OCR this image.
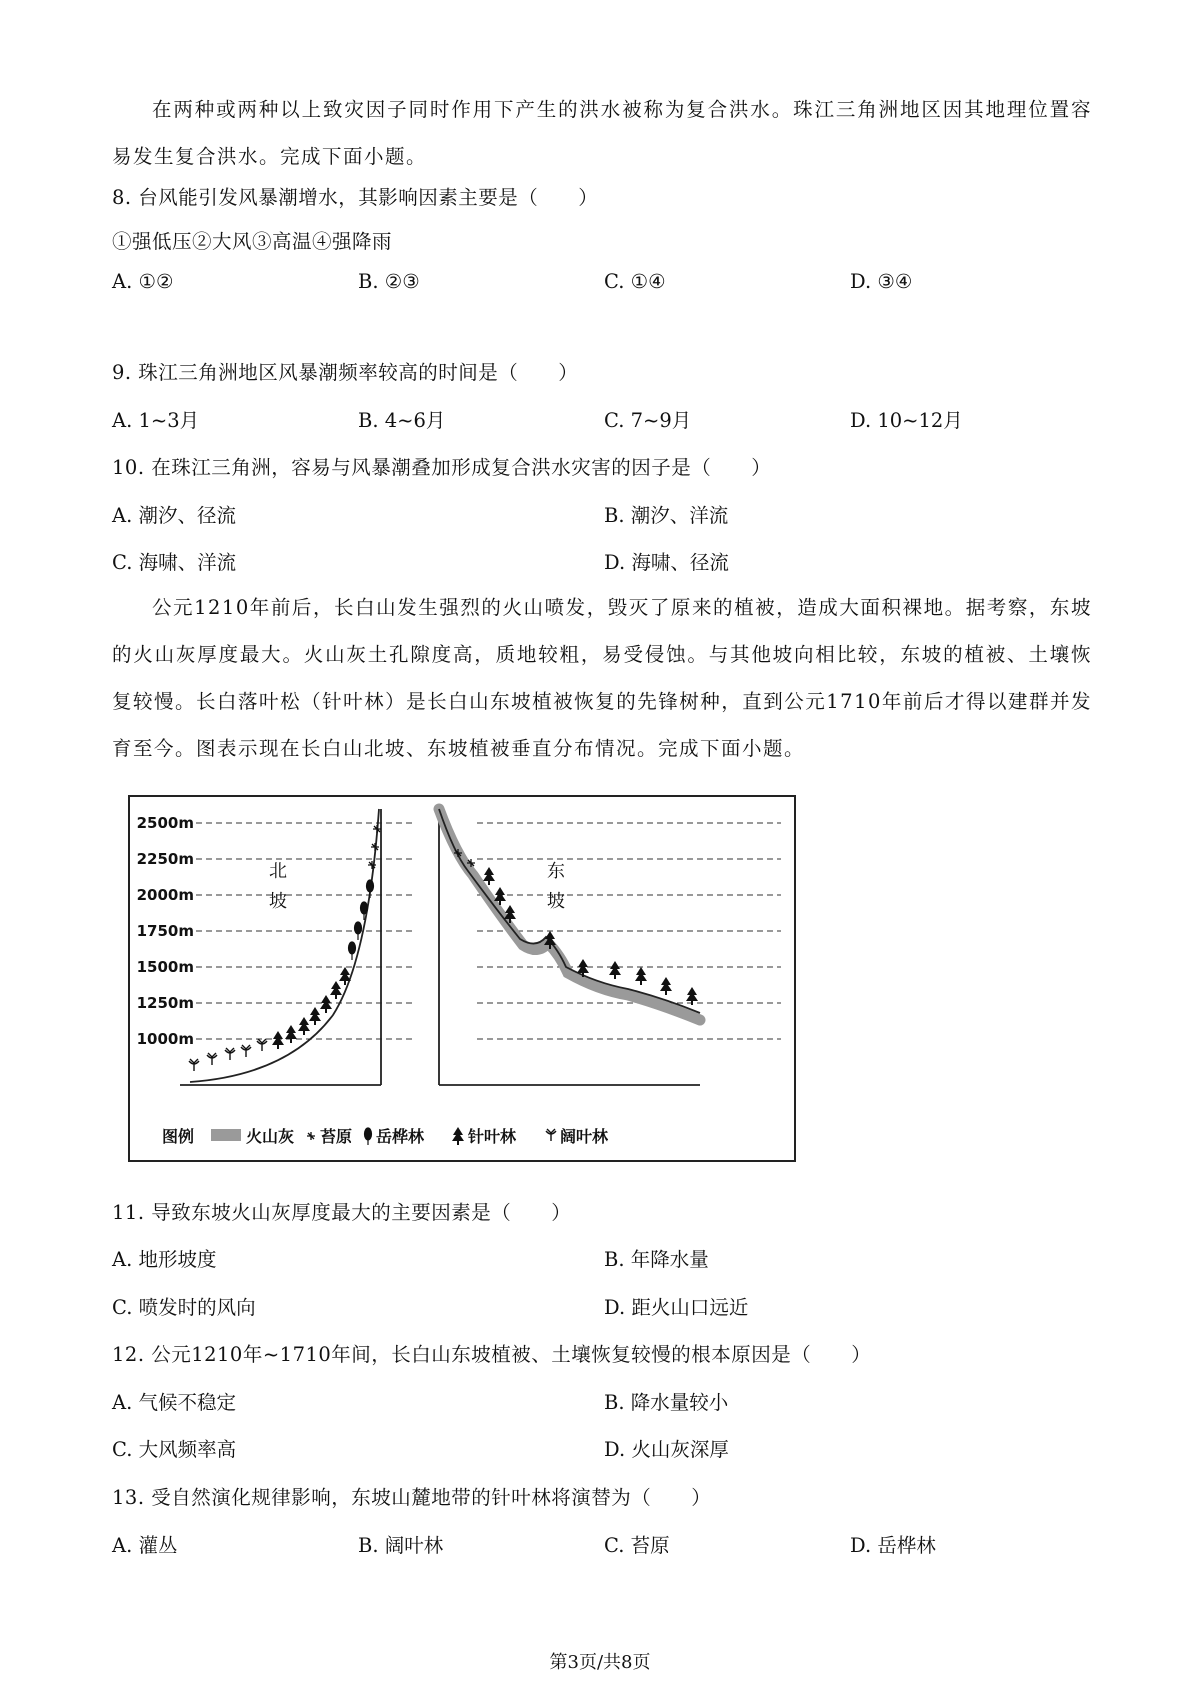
在两种或两种以上致灾因子同时作用下产生的洪水被称为复合洪水。珠江三角洲地区因其地理位置容易发生复合洪水。完成下面小题。
8. 台风能引发风暴潮增水，其影响因素主要是（　　）
①强低压②大风③高温④强降雨
A. ①②	B. ②③	C. ①④	D. ③④
9. 珠江三角洲地区风暴潮频率较高的时间是（　　）
A. 1~3月	B. 4~6月	C. 7~9月	D. 10~12月
10. 在珠江三角洲，容易与风暴潮叠加形成复合洪水灾害的因子是（　　）
A. 潮汐、径流	B. 潮汐、洋流
C. 海啸、洋流	D. 海啸、径流
公元1210年前后，长白山发生强烈的火山喷发，毁灭了原来的植被，造成大面积裸地。据考察，东坡的火山灰厚度最大。火山灰土孔隙度高，质地较粗，易受侵蚀。与其他坡向相比较，东坡的植被、土壤恢复较慢。长白落叶松（针叶林）是长白山东坡植被恢复的先锋树种，直到公元1710年前后才得以建群并发育至今。图表示现在长白山北坡、东坡植被垂直分布情况。完成下面小题。
2500m
2250m
2000m
1750m
1500m
1250m
1000m
北
坡
东
坡
图例	火山灰 苔原 岳桦林	针叶林	阔叶林
11. 导致东坡火山灰厚度最大的主要因素是（　　）
A. 地形坡度	B. 年降水量
C. 喷发时的风向	D. 距火山口远近
12. 公元1210年~1710年间，长白山东坡植被、土壤恢复较慢的根本原因是（　　）
A. 气候不稳定	B. 降水量较小
C. 大风频率高	D. 火山灰深厚
13. 受自然演化规律影响，东坡山麓地带的针叶林将演替为（　　）
A. 灌丛	B. 阔叶林	C. 苔原	D. 岳桦林
第3页/共8页
